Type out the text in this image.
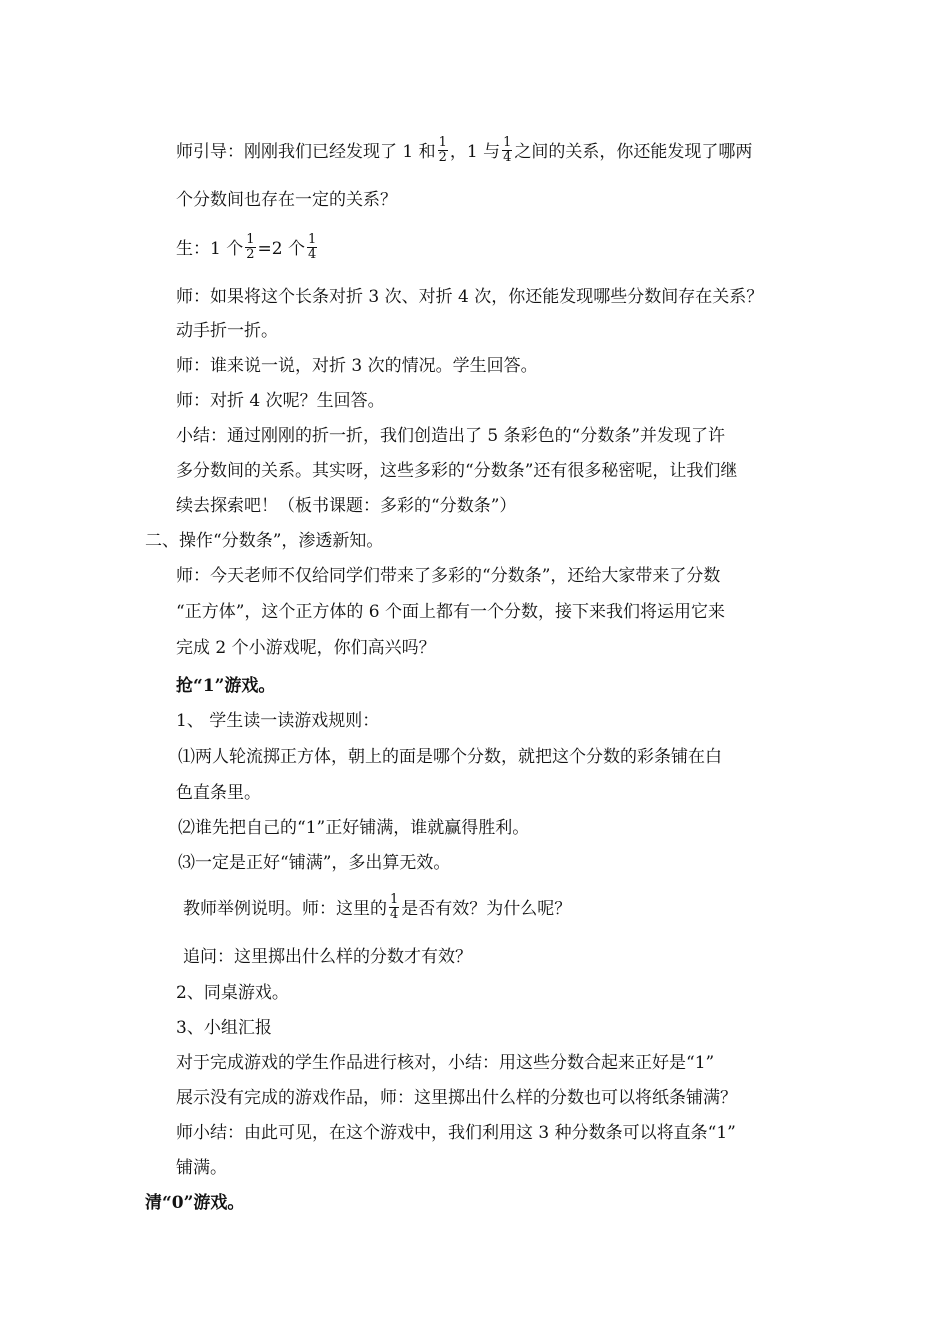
师引导：刚刚我们已经发现了 1 和 $\frac{1}{2}$ ，1 与 $\frac{1}{4}$ 之间的关系，你还能发现了哪两
个分数间也存在一定的关系？
生：1 个 $\frac{1}{2} =2$ 个 $\frac{1}{4}$
师：如果将这个长条对折 3 次、对折 4 次，你还能发现哪些分数间存在关系？
动手折一折。
师：谁来说一说，对折 3 次的情况。学生回答。
师：对折 4 次呢？生回答。
小结：通过刚刚的折一折，我们创造出了 5 条彩色的“分数条”并发现了许
多分数间的关系。其实呀，这些多彩的“分数条”还有很多秘密呢，让我们继
续去探索吧！（板书课题：多彩的“分数条”）
二、操作“分数条”，渗透新知。
师：今天老师不仅给同学们带来了多彩的“分数条”，还给大家带来了分数
“正方体”，这个正方体的 6 个面上都有一个分数，接下来我们将运用它来
完成 2 个小游戏呢，你们高兴吗？
抢“1”游戏。
1、 学生读一读游戏规则：
⑴两人轮流掷正方体，朝上的面是哪个分数，就把这个分数的彩条铺在白
色直条里。
⑵谁先把自己的“1”正好铺满，谁就赢得胜利。
⑶一定是正好“铺满”，多出算无效。
教师举例说明。师：这里的 $\frac{1}{4}$ 是否有效？为什么呢？
追问：这里掷出什么样的分数才有效？
2、同桌游戏。
3、小组汇报
对于完成游戏的学生作品进行核对，小结：用这些分数合起来正好是“1”
展示没有完成的游戏作品，师：这里掷出什么样的分数也可以将纸条铺满？
师小结：由此可见，在这个游戏中，我们利用这 3 种分数条可以将直条“1”
铺满。
清“0”游戏。
